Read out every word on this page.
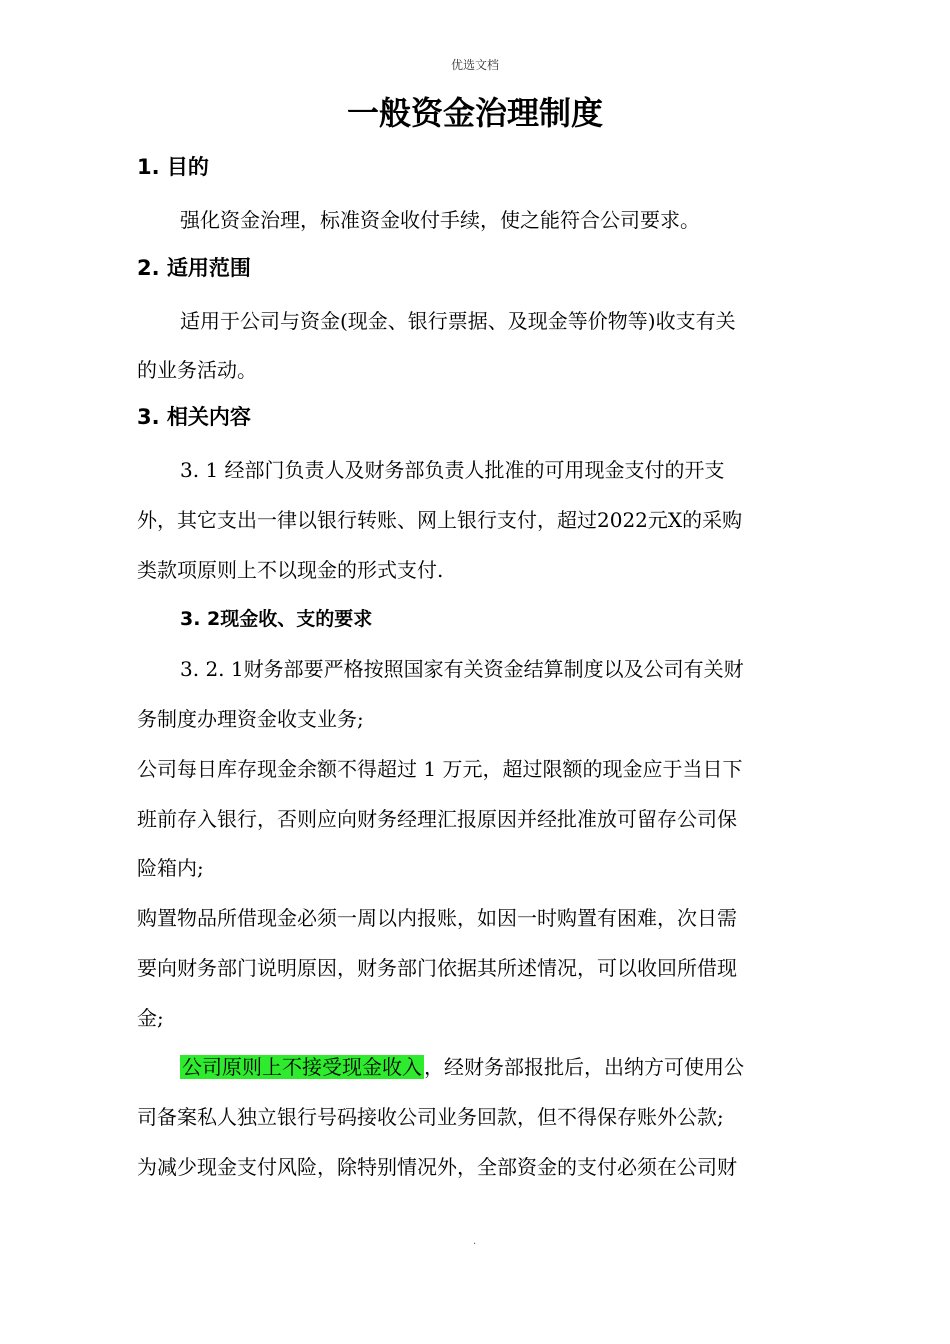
优选文档
一般资金治理制度
1. 目的
强化资金治理，标准资金收付手续，使之能符合公司要求。
2. 适用范围
适用于公司与资金(现金、银行票据、及现金等价物等)收支有关
的业务活动。
3. 相关内容
3. 1 经部门负责人及财务部负责人批准的可用现金支付的开支
外，其它支出一律以银行转账、网上银行支付，超过2022元X的采购
类款项原则上不以现金的形式支付.
3. 2现金收、支的要求
3. 2. 1财务部要严格按照国家有关资金结算制度以及公司有关财
务制度办理资金收支业务;
公司每日库存现金余额不得超过 1 万元，超过限额的现金应于当日下
班前存入银行，否则应向财务经理汇报原因并经批准放可留存公司保
险箱内;
购置物品所借现金必须一周以内报账，如因一时购置有困难，次日需
要向财务部门说明原因，财务部门依据其所述情况，可以收回所借现
金;
公司原则上不接受现金收入 ，经财务部报批后，出纳方可使用公
司备案私人独立银行号码接收公司业务回款，但不得保存账外公款;
为减少现金支付风险，除特别情况外，全部资金的支付必须在公司财
.
